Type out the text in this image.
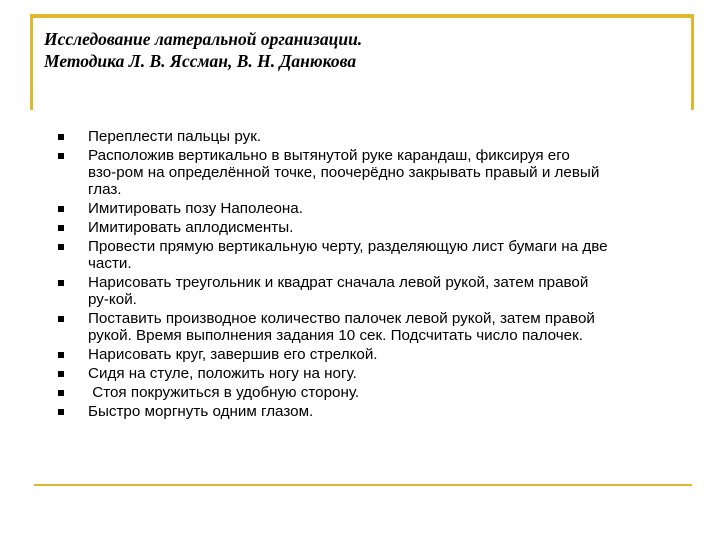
Исследование латеральной организации.
Методика Л. В. Яссман, В. Н. Данюкова
Переплести пальцы рук.
Расположив вертикально в вытянутой руке карандаш, фиксируя его
взо-ром на определённой точке, поочерёдно закрывать правый и левый
глаз.
Имитировать позу Наполеона.
Имитировать аплодисменты.
Провести прямую вертикальную черту, разделяющую лист бумаги на две
части.
Нарисовать треугольник и квадрат сначала левой рукой, затем правой
ру-кой.
Поставить производное количество палочек левой рукой, затем правой
рукой. Время выполнения задания 10 сек. Подсчитать число палочек.
Нарисовать круг, завершив его стрелкой.
Сидя на стуле, положить ногу на ногу.
Стоя покружиться в удобную сторону.
Быстро моргнуть одним глазом.
